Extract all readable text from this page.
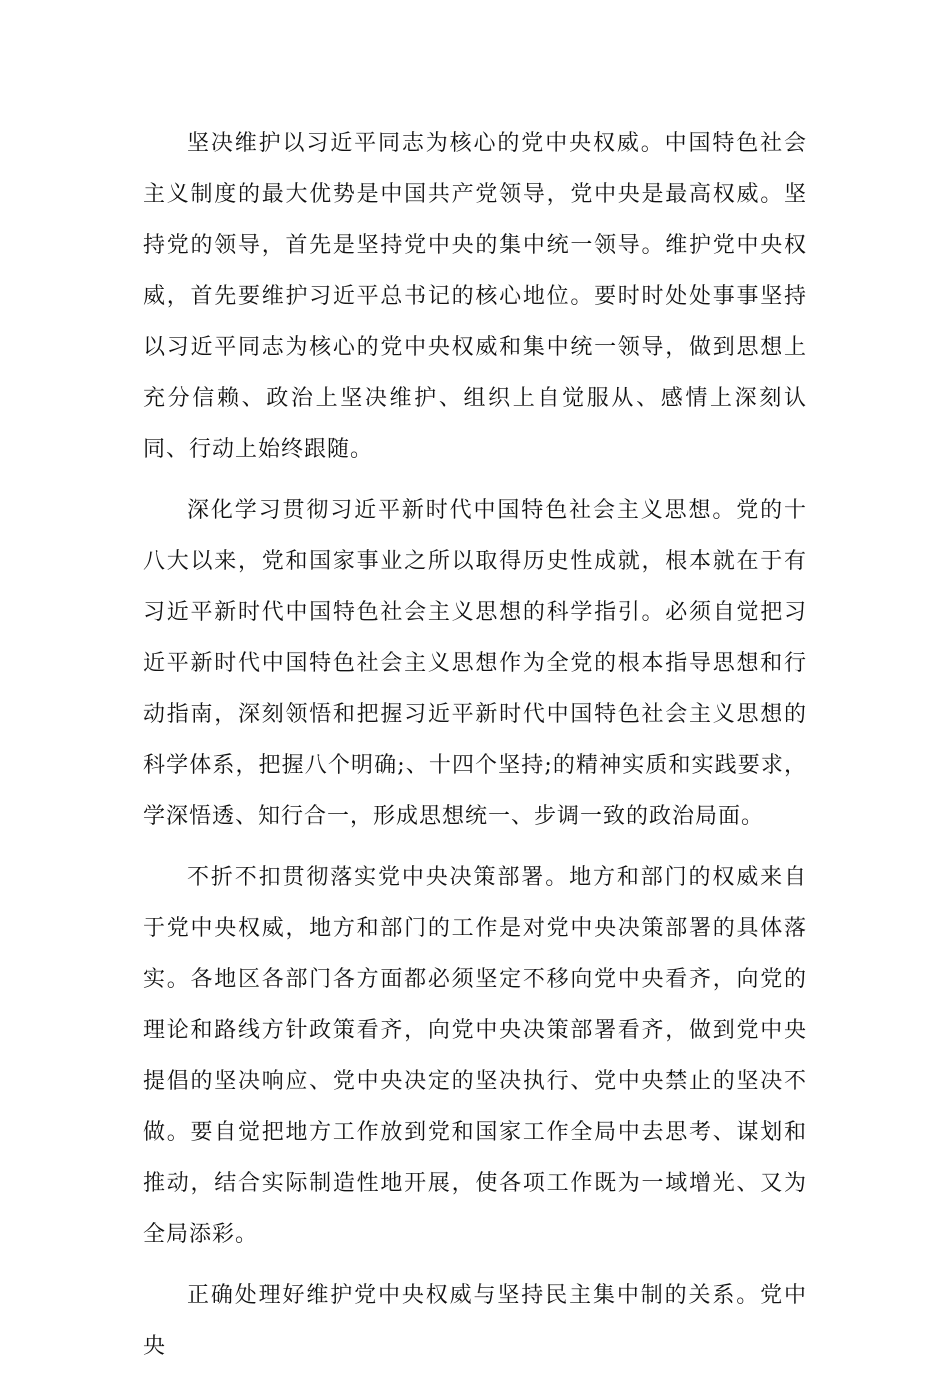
坚决维护以习近平同志为核心的党中央权威。中国特色社会主义制度的最大优势是中国共产党领导，党中央是最高权威。坚持党的领导，首先是坚持党中央的集中统一领导。维护党中央权威，首先要维护习近平总书记的核心地位。要时时处处事事坚持以习近平同志为核心的党中央权威和集中统一领导，做到思想上充分信赖、政治上坚决维护、组织上自觉服从、感情上深刻认同、行动上始终跟随。

深化学习贯彻习近平新时代中国特色社会主义思想。党的十八大以来，党和国家事业之所以取得历史性成就，根本就在于有习近平新时代中国特色社会主义思想的科学指引。必须自觉把习近平新时代中国特色社会主义思想作为全党的根本指导思想和行动指南，深刻领悟和把握习近平新时代中国特色社会主义思想的科学体系，把握八个明确;、十四个坚持;的精神实质和实践要求，学深悟透、知行合一，形成思想统一、步调一致的政治局面。

不折不扣贯彻落实党中央决策部署。地方和部门的权威来自于党中央权威，地方和部门的工作是对党中央决策部署的具体落实。各地区各部门各方面都必须坚定不移向党中央看齐，向党的理论和路线方针政策看齐，向党中央决策部署看齐，做到党中央提倡的坚决响应、党中央决定的坚决执行、党中央禁止的坚决不做。要自觉把地方工作放到党和国家工作全局中去思考、谋划和推动，结合实际制造性地开展，使各项工作既为一域增光、又为全局添彩。

正确处理好维护党中央权威与坚持民主集中制的关系。党中央
